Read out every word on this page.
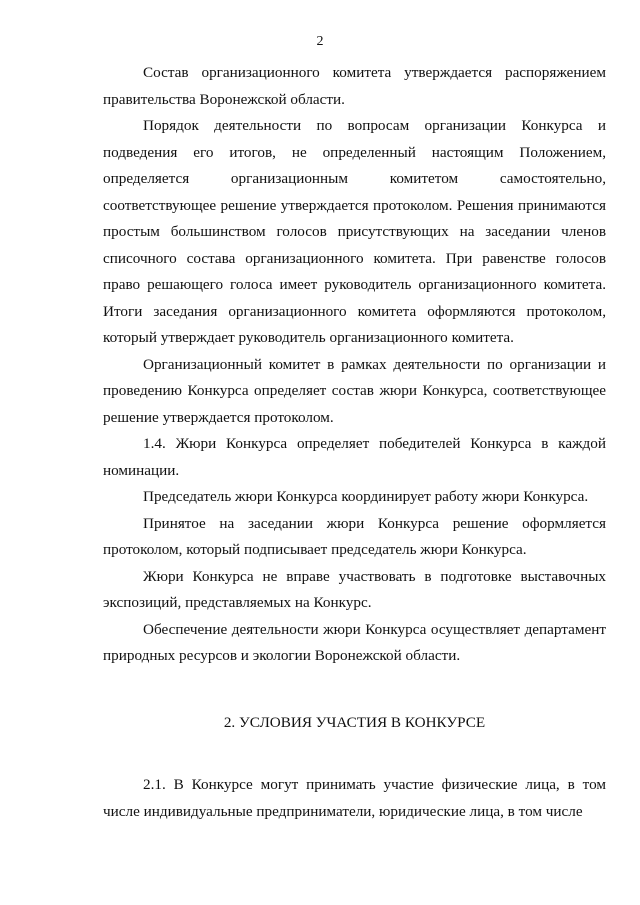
2

Состав организационного комитета утверждается распоряжением правительства Воронежской области.

Порядок деятельности по вопросам организации Конкурса и подведения его итогов, не определенный настоящим Положением, определяется организационным комитетом самостоятельно, соответствующее решение утверждается протоколом. Решения принимаются простым большинством голосов присутствующих на заседании членов списочного состава организационного комитета. При равенстве голосов право решающего голоса имеет руководитель организационного комитета. Итоги заседания организационного комитета оформляются протоколом, который утверждает руководитель организационного комитета.

Организационный комитет в рамках деятельности по организации и проведению Конкурса определяет состав жюри Конкурса, соответствующее решение утверждается протоколом.

1.4. Жюри Конкурса определяет победителей Конкурса в каждой номинации.

Председатель жюри Конкурса координирует работу жюри Конкурса.

Принятое на заседании жюри Конкурса решение оформляется протоколом, который подписывает председатель жюри Конкурса.

Жюри Конкурса не вправе участвовать в подготовке выставочных экспозиций, представляемых на Конкурс.

Обеспечение деятельности жюри Конкурса осуществляет департамент природных ресурсов и экологии Воронежской области.

2. УСЛОВИЯ УЧАСТИЯ В КОНКУРСЕ

2.1. В Конкурсе могут принимать участие физические лица, в том числе индивидуальные предприниматели, юридические лица, в том числе
